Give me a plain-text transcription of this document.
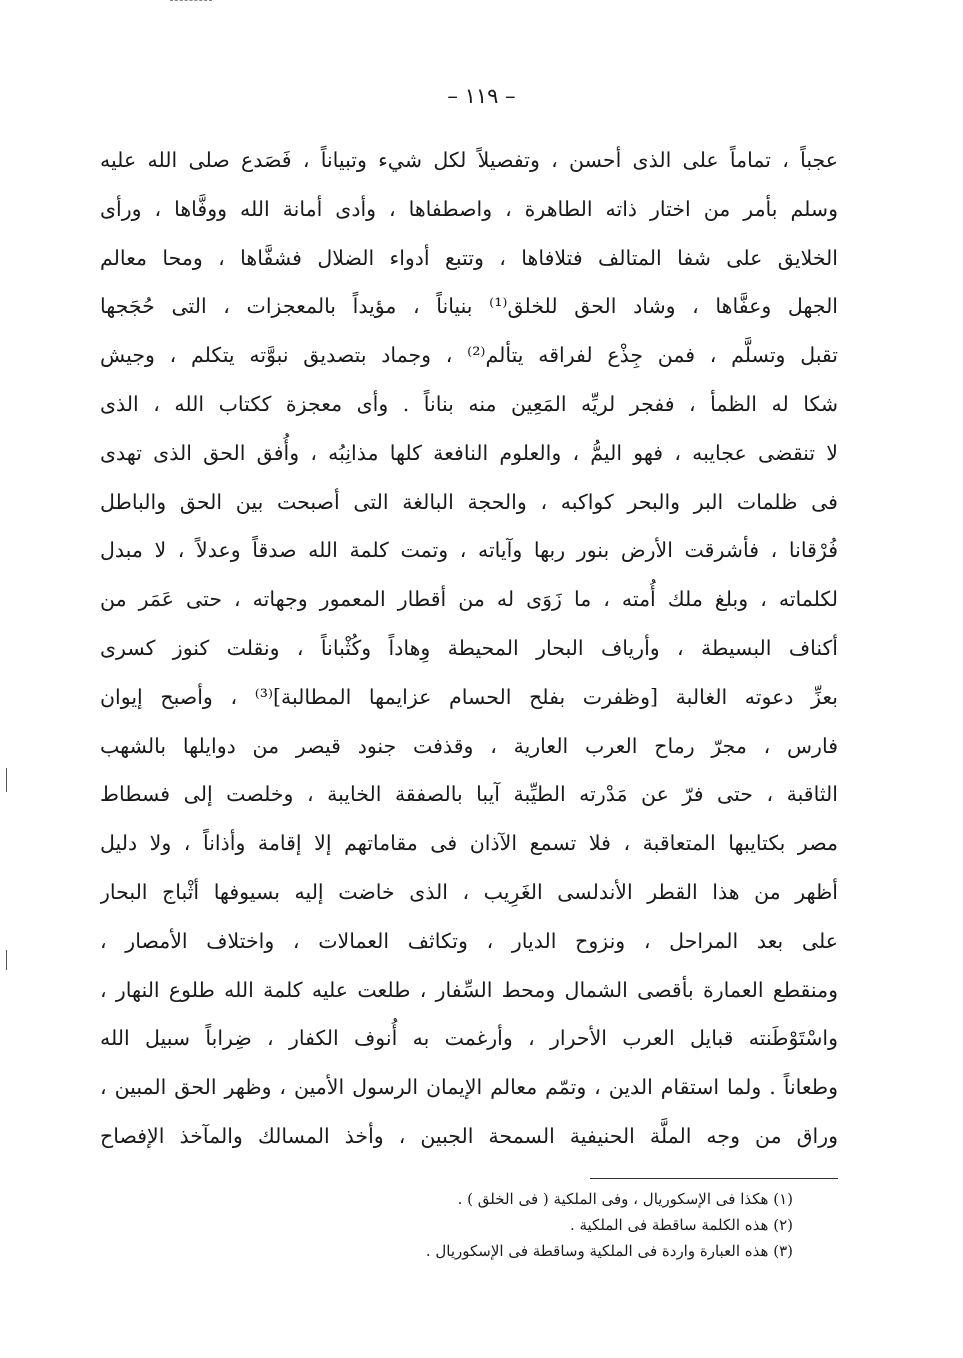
– ١١٩ –
عجباً ، تماماً على الذى أحسن ، وتفصيلاً لكل شيء وتبياناً ، فَصَدع صلى الله عليه
وسلم بأمر من اختار ذاته الطاهرة ، واصطفاها ، وأدى أمانة الله ووفَّاها ، ورأى
الخلايق على شفا المتالف فتلافاها ، وتتبع أدواء الضلال فشفَّاها ، ومحا معالم
الجهل وعفَّاها ، وشاد الحق للخلق⁽¹⁾ بنياناً ، مؤيداً بالمعجزات ، التى حُجَجها
تقبل وتسلَّم ، فمن جِذْع لفراقه يتألم⁽²⁾ ، وجماد بتصديق نبوَّته يتكلم ، وجيش
شكا له الظمأ ، ففجر لريِّه المَعِين منه بناناً . وأى معجزة ككتاب الله ، الذى
لا تنقضى عجايبه ، فهو اليمُّ ، والعلوم النافعة كلها مذانِبُه ، وأُفق الحق الذى تهدى
فى ظلمات البر والبحر كواكبه ، والحجة البالغة التى أصبحت بين الحق والباطل
فُرْقانا ، فأشرقت الأرض بنور ربها وآياته ، وتمت كلمة الله صدقاً وعدلاً ، لا مبدل
لكلماته ، وبلغ ملك أُمته ، ما زَوَى له من أقطار المعمور وجهاته ، حتى عَمَر من
أكناف البسيطة ، وأرياف البحار المحيطة وِهاداً وكُثْباناً ، ونقلت كنوز كسرى
بعزِّ دعوته الغالبة [وظفرت بفلح الحسام عزايمها المطالبة]⁽³⁾ ، وأصبح إيوان
فارس ، مجرّ رماح العرب العارية ، وقذفت جنود قيصر من دوايلها بالشهب
الثاقبة ، حتى فرّ عن مَدْرته الطيِّبة آيبا بالصفقة الخايبة ، وخلصت إلى فسطاط
مصر بكتايبها المتعاقبة ، فلا تسمع الآذان فى مقاماتهم إلا إقامة وأذاناً ، ولا دليل
أظهر من هذا القطر الأندلسى الغَرِيب ، الذى خاضت إليه بسيوفها أثْباج البحار
على بعد المراحل ، ونزوح الديار ، وتكاثف العمالات ، واختلاف الأمصار ،
ومنقطع العمارة بأقصى الشمال ومحط السِّفار ، طلعت عليه كلمة الله طلوع النهار ،
واسْتَوْطَنته قبايل العرب الأحرار ، وأرغمت به أُنوف الكفار ، ضِراباً سبيل الله
وطعاناً . ولما استقام الدين ، وتمّم معالم الإيمان الرسول الأمين ، وظهر الحق المبين ،
وراق من وجه الملَّة الحنيفية السمحة الجبين ، وأخذ المسالك والمآخذ الإفصاح
(١) هكذا فى الإسكوريال ، وفى الملكية ( فى الخلق ) .
(٢) هذه الكلمة ساقطة فى الملكية .
(٣) هذه العبارة واردة فى الملكية وساقطة فى الإسكوريال .
